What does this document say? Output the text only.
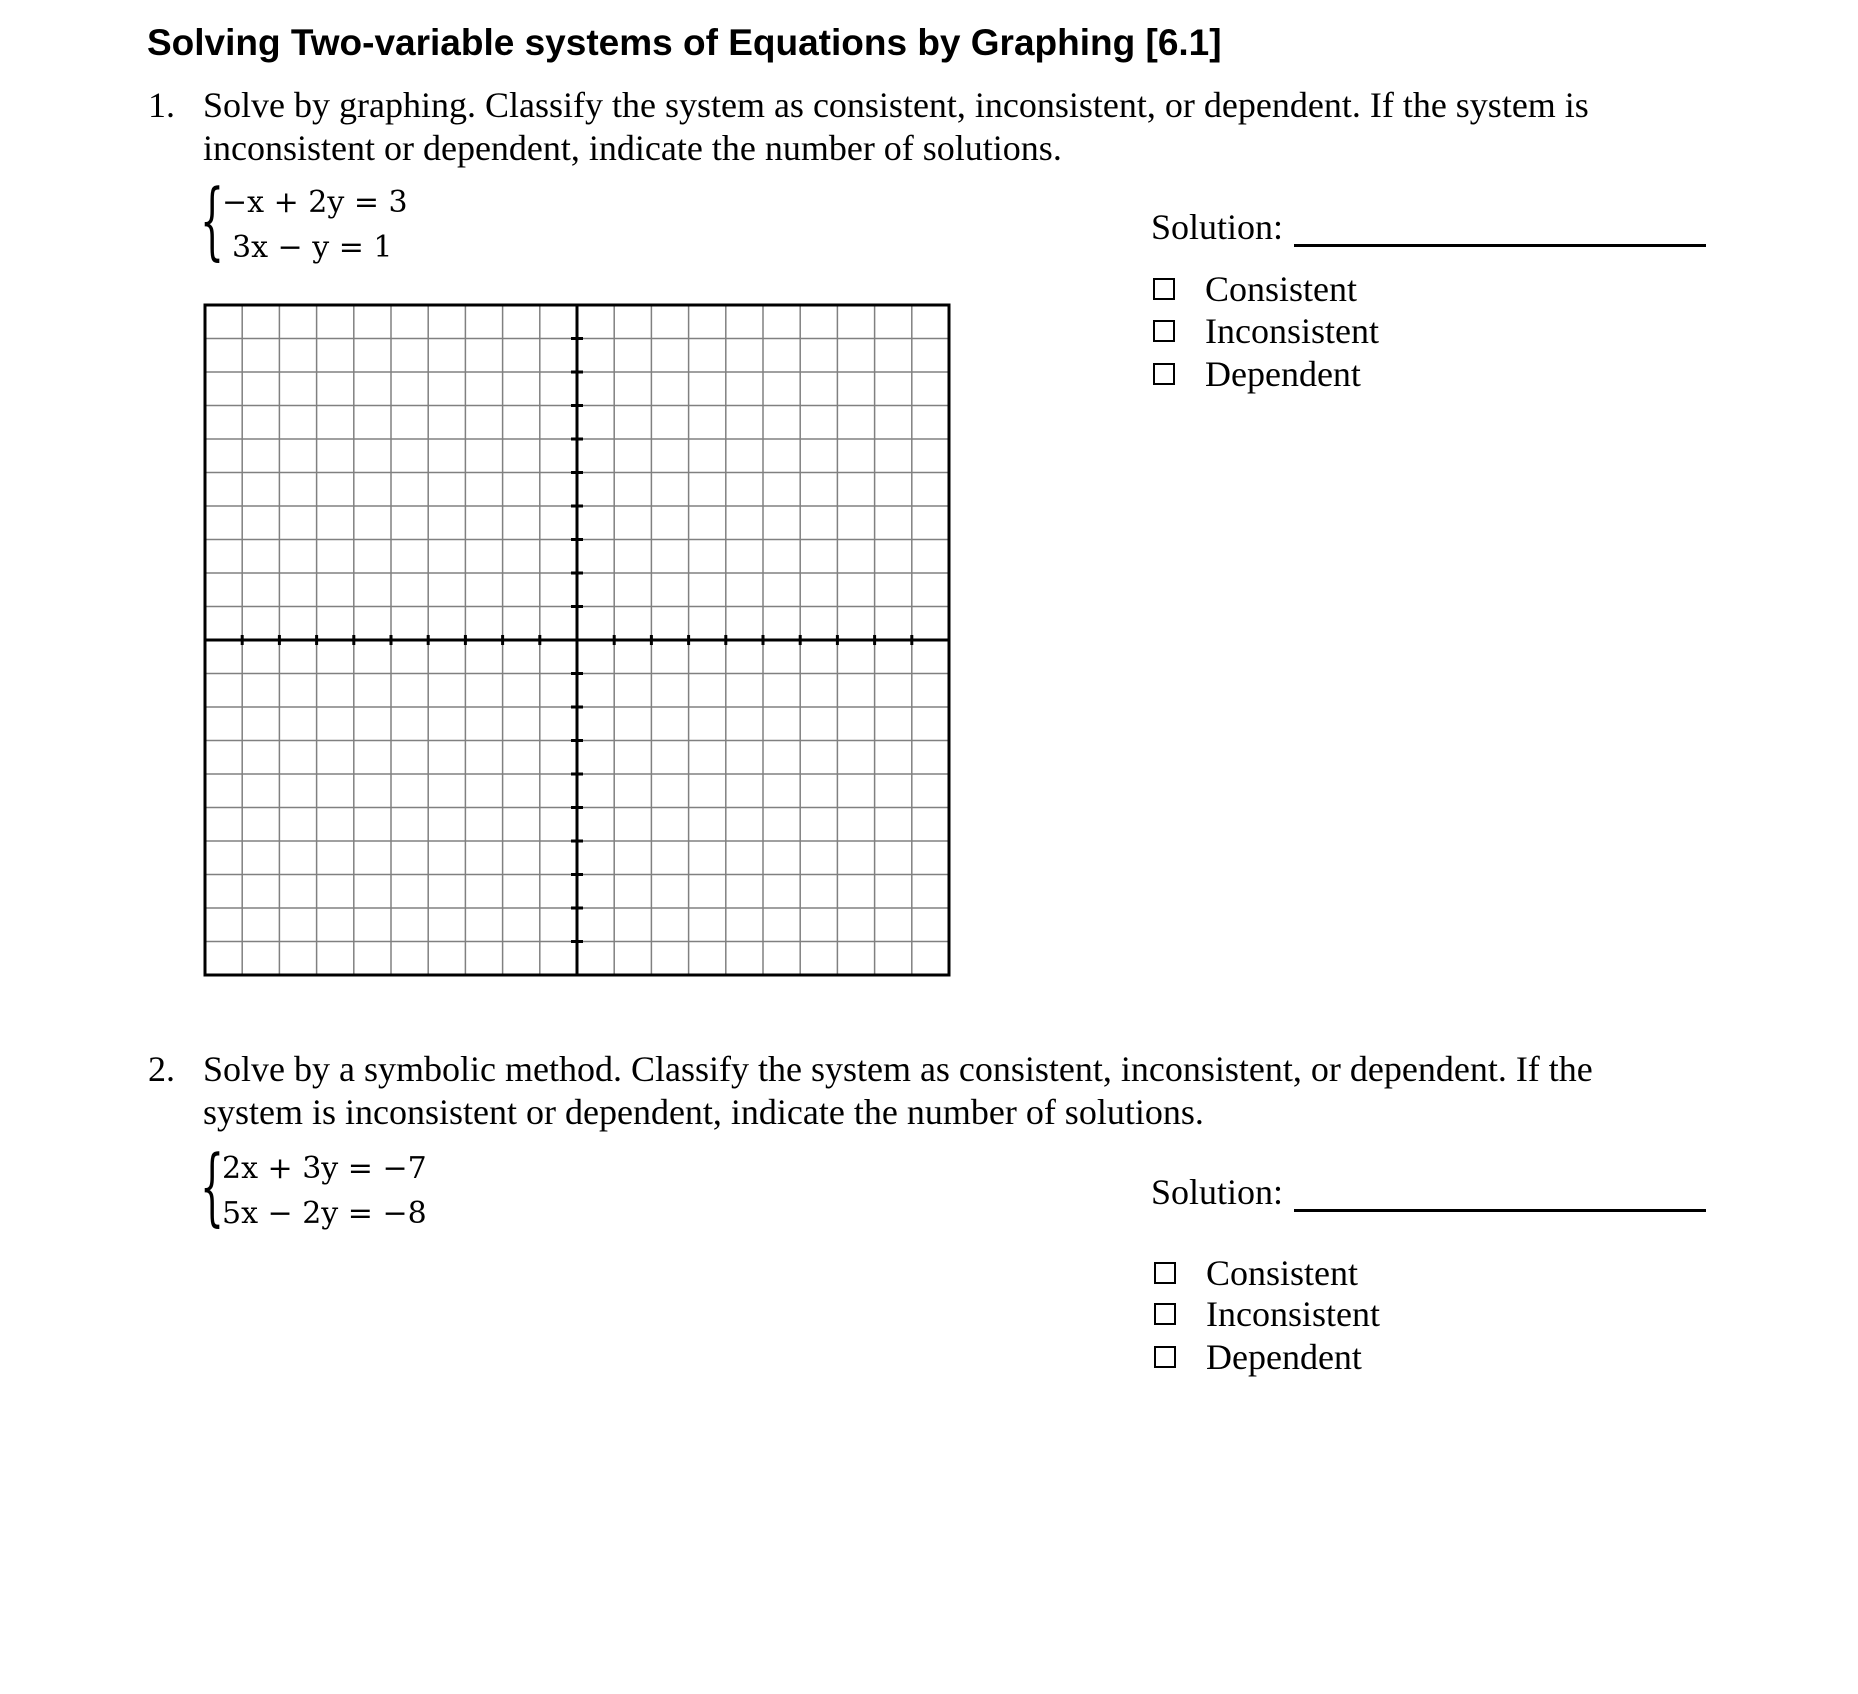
Solving Two-variable systems of Equations by Graphing [6.1]
1. Solve by graphing. Classify the system as consistent, inconsistent, or dependent. If the system is
inconsistent or dependent, indicate the number of solutions.
{
−x + 2y = 3
3x − y = 1
Solution:
Consistent
Inconsistent
Dependent
2. Solve by a symbolic method. Classify the system as consistent, inconsistent, or dependent. If the
system is inconsistent or dependent, indicate the number of solutions.
{
2x + 3y = −7
5x − 2y = −8
Solution:
Consistent
Inconsistent
Dependent
